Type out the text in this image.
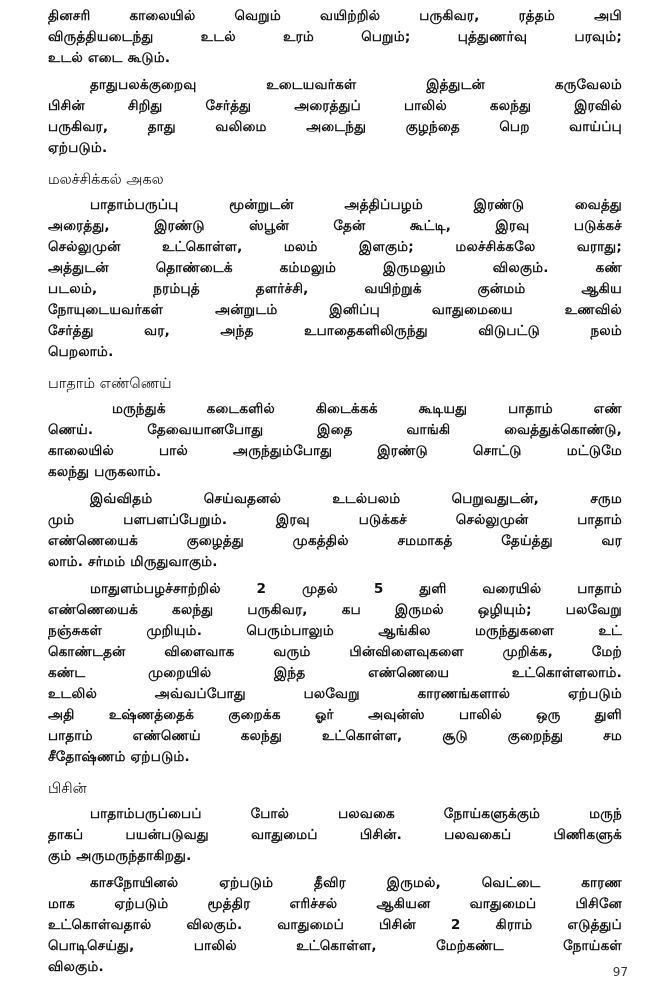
தினசரி காலையில் வெறும் வயிற்றில் பருகிவர, ரத்தம் அபி
விருத்தியடைந்து உடல் உரம் பெறும்; புத்துணர்வு பரவும்;
உடல் எடை கூடும்.
தாதுபலக்குறைவு உடையவர்கள் இத்துடன் கருவேலம்
பிசின் சிறிது சேர்த்து அரைத்துப் பாலில் கலந்து இரவில்
பருகிவர, தாது வலிமை அடைந்து குழந்தை பெற வாய்ப்பு
ஏற்படும்.
மலச்சிக்கல் அகல
பாதாம்பருப்பு மூன்றுடன் அத்திப்பழம் இரண்டு வைத்து
அரைத்து, இரண்டு ஸ்பூன் தேன் கூட்டி, இரவு படுக்கச்
செல்லுமுன் உட்கொள்ள, மலம் இளகும்; மலச்சிக்கலே வராது;
அத்துடன் தொண்டைக் கம்மலும் இருமலும் விலகும். கண்
படலம், நரம்புத் தளர்ச்சி, வயிற்றுக் குன்மம் ஆகிய
நோயுடையவர்கள் அன்றுடம் இனிப்பு வாதுமையை உணவில்
சேர்த்து வர, அந்த உபாதைகளிலிருந்து விடுபட்டு நலம்
பெறலாம்.
பாதாம் எண்ணெய்
மருந்துக் கடைகளில் கிடைக்கக் கூடியது பாதாம் எண்
ணெய். தேவையானபோது இதை வாங்கி வைத்துக்கொண்டு,
காலையில் பால் அருந்தும்போது இரண்டு சொட்டு மட்டுமே
கலந்து பருகலாம்.
இவ்விதம் செய்வதனல் உடல்பலம் பெறுவதுடன், சரும
மும் பளபளப்பேறும். இரவு படுக்கச் செல்லுமுன் பாதாம்
எண்ணெயைக் குழைத்து முகத்தில் சமமாகத் தேய்த்து வர
லாம். சர்மம் மிருதுவாகும்.
மாதுளம்பழச்சாற்றில் 2 முதல் 5 துளி வரையில் பாதாம்
எண்ணெயைக் கலந்து பருகிவர, கப இருமல் ஒழியும்; பலவேறு
நஞ்சுகள் முறியும். பெரும்பாலும் ஆங்கில மருந்துகளை உட்
கொண்டதன் விளைவாக வரும் பின்விளைவுகளை முறிக்க, மேற்
கண்ட முறையில் இந்த எண்ணெயை உட்கொள்ளலாம்.
உடலில் அவ்வப்போது பலவேறு காரணங்களால் ஏற்படும்
அதி உஷ்ணத்தைக் குறைக்க ஓர் அவுன்ஸ் பாலில் ஒரு துளி
பாதாம் எண்ணெய் கலந்து உட்கொள்ள, சூடு குறைந்து சம
சீதோஷ்ணம் ஏற்படும்.
பிசின்
பாதாம்பருப்பைப் போல் பலவகை நோய்களுக்கும் மருந்
தாகப் பயன்படுவது வாதுமைப் பிசின். பலவகைப் பிணிகளுக்
கும் அருமருந்தாகிறது.
காசநோயினல் ஏற்படும் தீவிர இருமல், வெட்டை காரண
மாக ஏற்படும் மூத்திர எரிச்சல் ஆகியன வாதுமைப் பிசினே
உட்கொள்வதால் விலகும். வாதுமைப் பிசின் 2 கிராம் எடுத்துப்
பொடிசெய்து, பாலில் உட்கொள்ள, மேற்கண்ட நோய்கள்
விலகும்.	97
